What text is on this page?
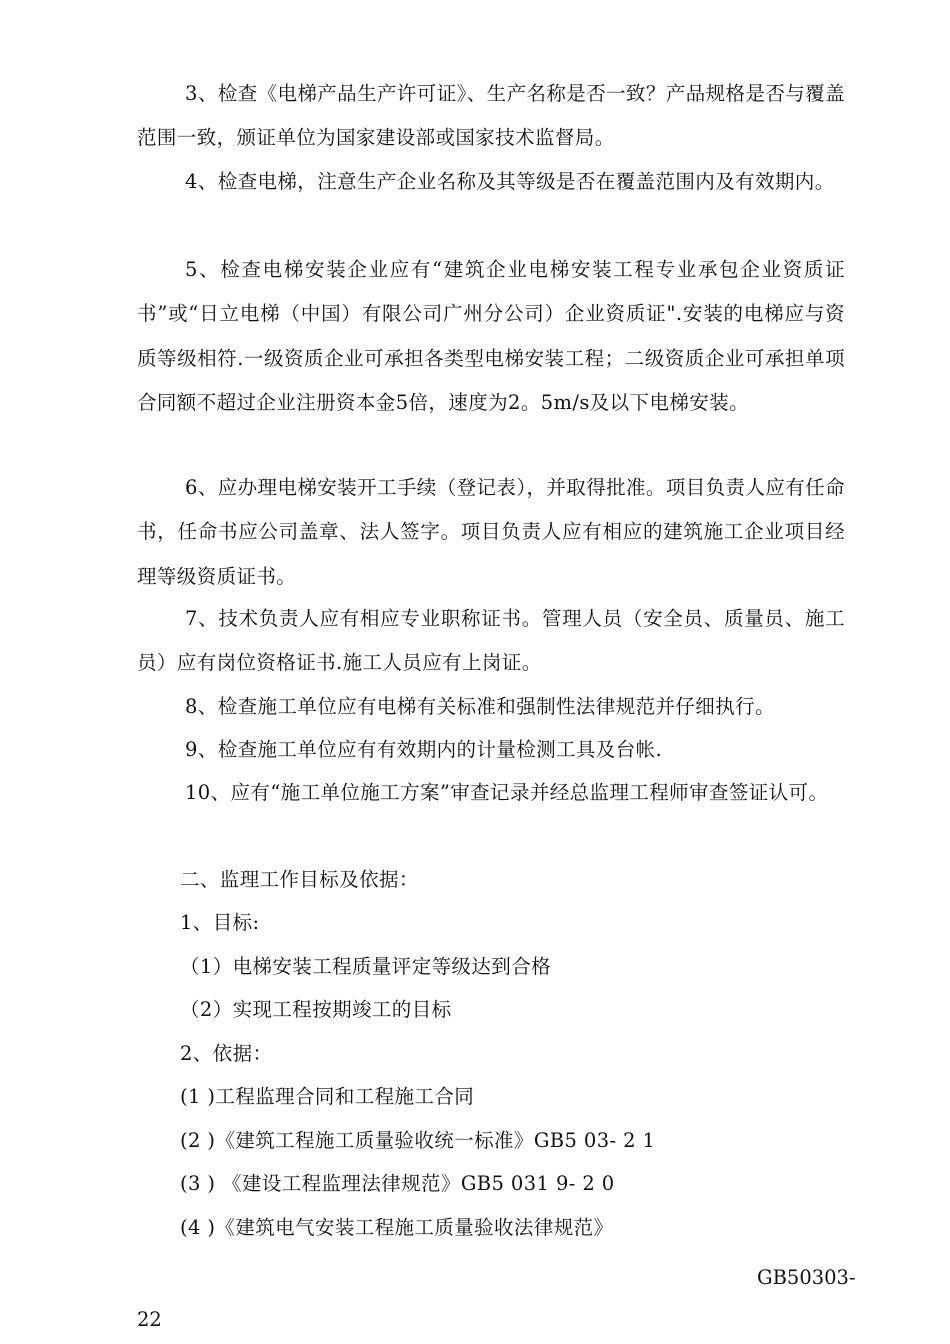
3、检查《电梯产品生产许可证》、生产名称是否一致？产品规格是否与覆盖范围一致，颁证单位为国家建设部或国家技术监督局。

4、检查电梯，注意生产企业名称及其等级是否在覆盖范围内及有效期内。

5、检查电梯安装企业应有“建筑企业电梯安装工程专业承包企业资质证书”或“日立电梯（中国）有限公司广州分公司）企业资质证".安装的电梯应与资质等级相符.一级资质企业可承担各类型电梯安装工程；二级资质企业可承担单项合同额不超过企业注册资本金5倍，速度为2。5m/s及以下电梯安装。

6、应办理电梯安装开工手续（登记表），并取得批准。项目负责人应有任命书，任命书应公司盖章、法人签字。项目负责人应有相应的建筑施工企业项目经理等级资质证书。

7、技术负责人应有相应专业职称证书。管理人员（安全员、质量员、施工员）应有岗位资格证书.施工人员应有上岗证。

8、检查施工单位应有电梯有关标准和强制性法律规范并仔细执行。

9、检查施工单位应有有效期内的计量检测工具及台帐.

10、应有“施工单位施工方案”审查记录并经总监理工程师审查签证认可。

二、监理工作目标及依据：

1、目标:

（1）电梯安装工程质量评定等级达到合格

（2）实现工程按期竣工的目标

2、依据：

(1 )工程监理合同和工程施工合同

(2 )《建筑工程施工质量验收统一标准》GB5 03- 2 1

(3 ) 《建设工程监理法律规范》GB5 031 9- 2 0

(4 )《建筑电气安装工程施工质量验收法律规范》

GB50303-
22
